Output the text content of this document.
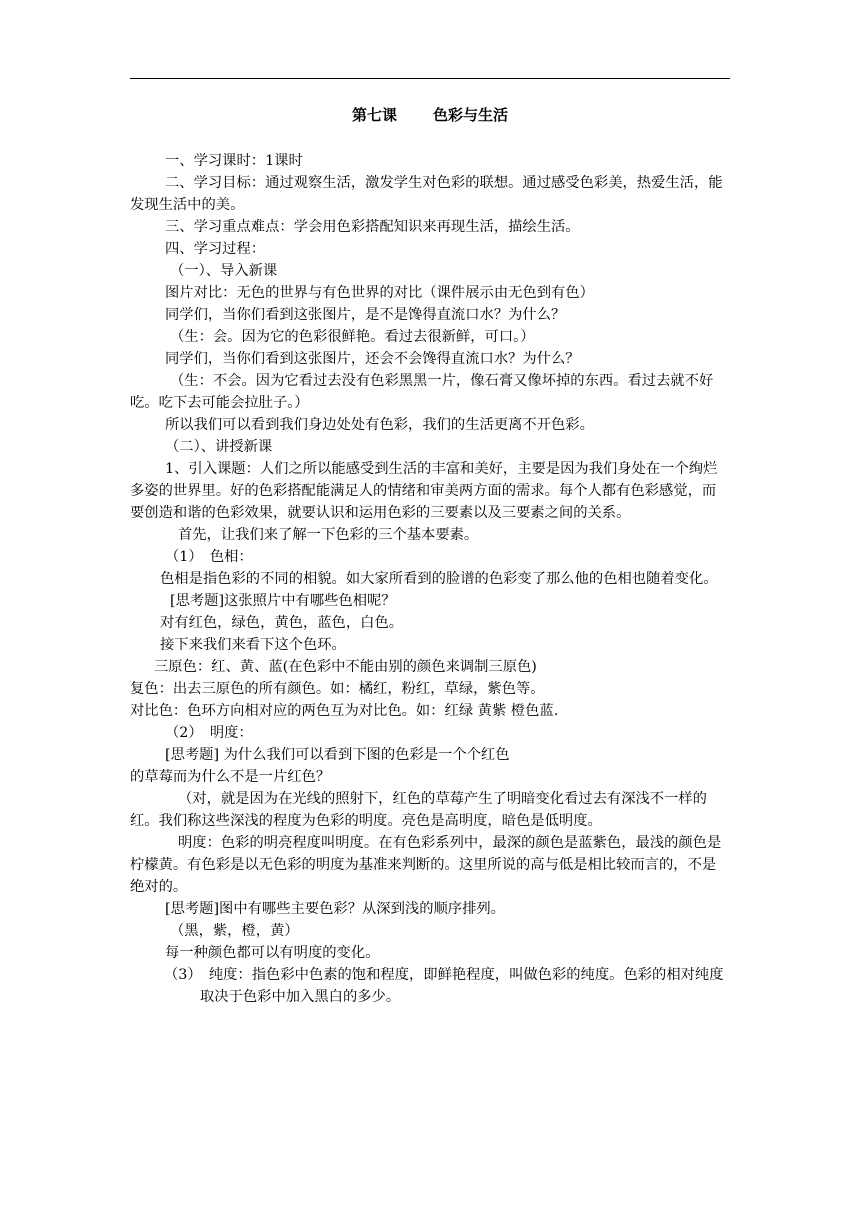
第七课 色彩与生活

一、学习课时：1课时

二、学习目标：通过观察生活，激发学生对色彩的联想。通过感受色彩美，热爱生活，能发现生活中的美。

三、学习重点难点：学会用色彩搭配知识来再现生活，描绘生活。

四、学习过程：

（一）、导入新课

图片对比：无色的世界与有色世界的对比（课件展示由无色到有色）

同学们，当你们看到这张图片，是不是馋得直流口水？为什么？

（生：会。因为它的色彩很鲜艳。看过去很新鲜，可口。）

同学们，当你们看到这张图片，还会不会馋得直流口水？为什么？

（生：不会。因为它看过去没有色彩黑黑一片，像石膏又像坏掉的东西。看过去就不好吃。吃下去可能会拉肚子。）

所以我们可以看到我们身边处处有色彩，我们的生活更离不开色彩。

（二）、讲授新课

1、引入课题：人们之所以能感受到生活的丰富和美好，主要是因为我们身处在一个绚烂多姿的世界里。好的色彩搭配能满足人的情绪和审美两方面的需求。每个人都有色彩感觉，而要创造和谐的色彩效果，就要认识和运用色彩的三要素以及三要素之间的关系。

首先，让我们来了解一下色彩的三个基本要素。

（1）　色相：

色相是指色彩的不同的相貌。如大家所看到的脸谱的色彩变了那么他的色相也随着变化。

[思考题]这张照片中有哪些色相呢？

对有红色，绿色，黄色，蓝色，白色。

接下来我们来看下这个色环。

三原色：红、黄、蓝(在色彩中不能由别的颜色来调制三原色)

复色：出去三原色的所有颜色。如：橘红，粉红，草绿，紫色等。

对比色：色环方向相对应的两色互为对比色。如：红绿 黄紫 橙色蓝.

（2）　明度：

[思考题] 为什么我们可以看到下图的色彩是一个个红色

的草莓而为什么不是一片红色？

（对，就是因为在光线的照射下，红色的草莓产生了明暗变化看过去有深浅不一样的红。我们称这些深浅的程度为色彩的明度。亮色是高明度，暗色是低明度。

明度：色彩的明亮程度叫明度。在有色彩系列中，最深的颜色是蓝紫色，最浅的颜色是柠檬黄。有色彩是以无色彩的明度为基准来判断的。这里所说的高与低是相比较而言的，不是绝对的。

[思考题]图中有哪些主要色彩？从深到浅的顺序排列。

（黑，紫，橙，黄）

每一种颜色都可以有明度的变化。

（3）　纯度：指色彩中色素的饱和程度，即鲜艳程度，叫做色彩的纯度。色彩的相对纯度取决于色彩中加入黑白的多少。
